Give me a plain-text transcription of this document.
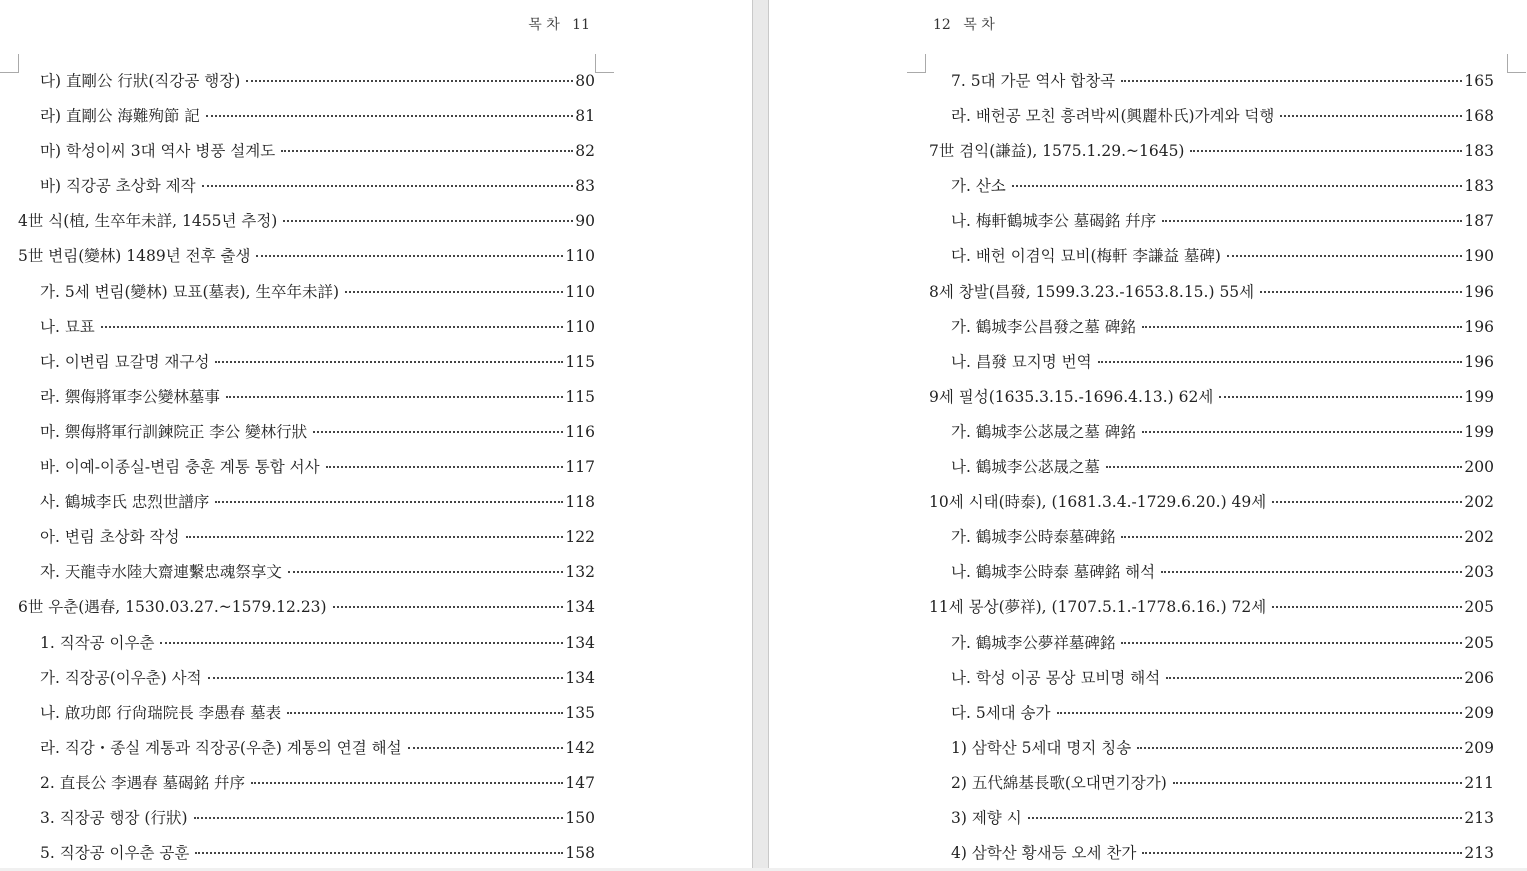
목 차 11
다) 直剛公 行狀(직강공 행장)	80
라) 直剛公 海難殉節 記	81
마) 학성이씨 3대 역사 병풍 설계도	82
바) 직강공 초상화 제작	83
4世 식(植, 生卒年未詳, 1455년 추정)	90
5世 변림(變林) 1489년 전후 출생	110
가. 5세 변림(變林) 묘표(墓表), 生卒年未詳)	110
나. 묘표	110
다. 이변림 묘갈명 재구성	115
라. 禦侮將軍李公變林墓事	115
마. 禦侮將軍行訓鍊院正 李公 變林行狀	116
바. 이예-이종실-변림 충훈 계통 통합 서사	117
사. 鶴城李氏 忠烈世譜序	118
아. 변림 초상화 작성	122
자. 天龍寺水陸大齋連繫忠魂祭享文	132
6世 우춘(遇春, 1530.03.27.~1579.12.23)	134
1. 직작공 이우춘	134
가. 직장공(이우춘) 사적	134
나. 啟功郎 行尙瑞院長 李愚春 墓表	135
라. 직강・종실 계통과 직장공(우춘) 계통의 연결 해설	142
2. 直長公 李遇春 墓碣銘 幷序	147
3. 직장공 행장 (行狀)	150
5. 직장공 이우춘 공훈	158
12 목 차
7. 5대 가문 역사 합창곡	165
라. 배헌공 모친 흥려박씨(興麗朴氏)가계와 덕행	168
7世 겸익(謙益), 1575.1.29.~1645)	183
가. 산소	183
나. 梅軒鶴城李公 墓碣銘 幷序	187
다. 배헌 이겸익 묘비(梅軒 李謙益 墓碑)	190
8세 창발(昌發, 1599.3.23.-1653.8.15.) 55세	196
가. 鶴城李公昌發之墓 碑銘	196
나. 昌發 묘지명 번역	196
9세 필성(1635.3.15.-1696.4.13.) 62세	199
가. 鶴城李公苾晟之墓 碑銘	199
나. 鶴城李公苾晟之墓	200
10세 시태(時泰), (1681.3.4.-1729.6.20.) 49세	202
가. 鶴城李公時泰墓碑銘	202
나. 鶴城李公時泰 墓碑銘 해석	203
11세 몽상(夢祥), (1707.5.1.-1778.6.16.) 72세	205
가. 鶴城李公夢祥墓碑銘	205
나. 학성 이공 몽상 묘비명 해석	206
다. 5세대 송가	209
1) 삼학산 5세대 명지 칭송	209
2) 五代綿基長歌(오대면기장가)	211
3) 제향 시	213
4) 삼학산 황새등 오세 찬가	213
